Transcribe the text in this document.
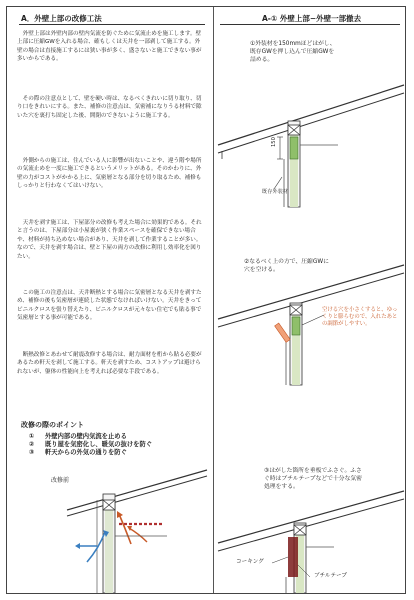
A．外壁上部の改修工法

外壁上部は外壁内部の壁内気流を防ぐために気流止めを施工します。壁上部に圧縮GWを入れる場合、確もしくは天井を一部剥して施工する。外壁の場合は直接施工するには狭い事が多く、盛さないと施工できない事が多いからである。

その際の注意点として、壁を硬い時は、なるべくきれいに切り取り、切り口をきれいにする。また、補修の注意点は、気密補になりうる材料で隙いた穴を裏打ち固定した後、開閉のできないように施工する。

外側からの施工は、住んでいる人に影響が出ないことや、違う階や場所の気流止めを一度に施工できるというメリットがある。そのかわりに、外壁の力がコストがかかる上に、気密層となる部分を切り取るため、補修もしっかりと行わなくてはいけない。

天井を剥す施工は、下屋部分の改修も考えた場合に効果的である。それと言うのは、下屋部分は小屋裏が狭く作業スペースを確保できない場合や、材料が持ち込めない場合があり、天井を剥して作業することが多い。なので、天井を剥す場合は、壁と下屋の両方の改修に利用し効率化を図りたい。

この施工の注意点は、天井断熱とする場合に気密層となる天井を剥すため、補修の後も気密層が連続した状態でなければいけない。天井をきってビニルクロスを張り替えたり、ビニルクロスが元々ない住宅でも貼る事で気密層とする事が可能である。

断熱改修とあわせて耐震改修する場合は、耐力面材を桁から貼る必要があるため軒天を剥して施工する。軒天を剥すため、コストアップは避けられないが、躯体の性能向上を考えれば必要な手段である。

改修の際のポイント
① 外壁内部の壁内気流を止める
② 既り屋を気密化し、暖気の抜けを防ぐ
③ 軒天からの外気の通りを防ぐ
改修前
A-① 外壁上部−外壁一部撤去
①外装材を150mmほどはがし、既存GWを押し込んで圧縮GWを詰める。
150
既存外装材
②なるべく上の方で、圧縮GWに穴を空ける。
空ける穴を小さくすると、ゆっくりと膨らむので、入れたあとの調節がしやすい。
③はがした箇所を垂板でふさぐ。ふさぐ時はブチルテープなどで十分な気密処理をする。
コーキング
ブチルテープ
